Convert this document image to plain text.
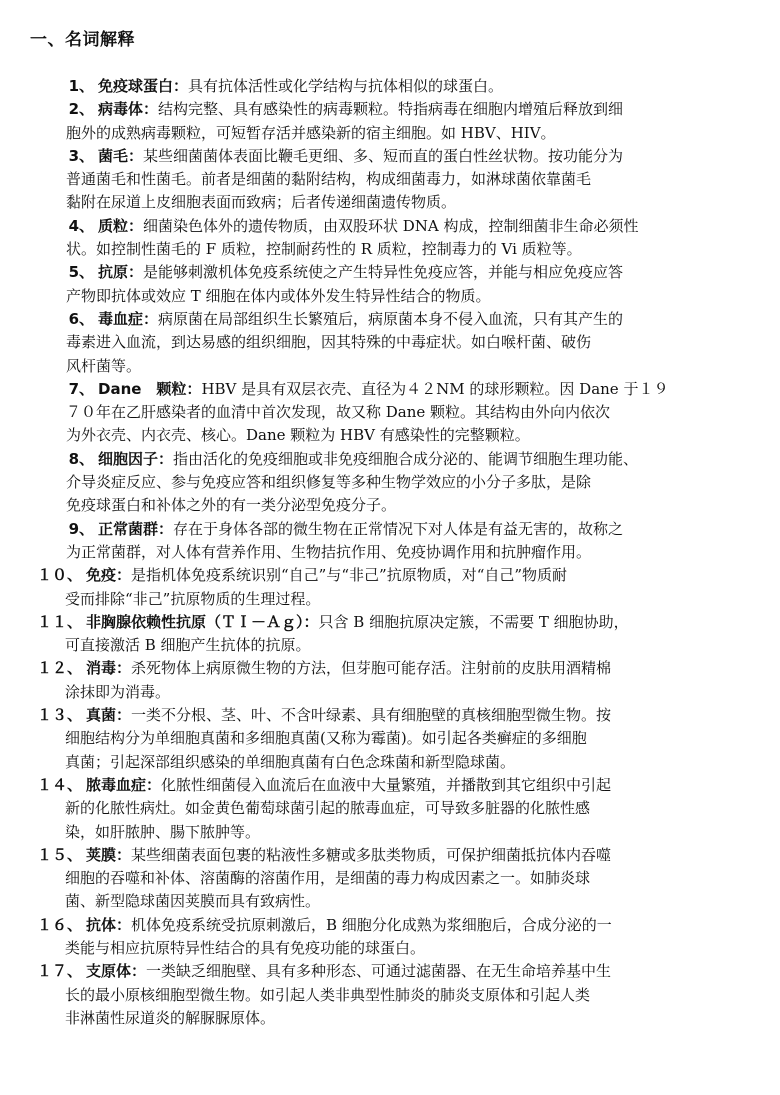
一、名词解释
1、 免疫球蛋白：具有抗体活性或化学结构与抗体相似的球蛋白。
2、 病毒体：结构完整、具有感染性的病毒颗粒。特指病毒在细胞内增殖后释放到细
胞外的成熟病毒颗粒，可短暂存活并感染新的宿主细胞。如 HBV、HIV。
3、 菌毛：某些细菌菌体表面比鞭毛更细、多、短而直的蛋白性丝状物。按功能分为
普通菌毛和性菌毛。前者是细菌的黏附结构，构成细菌毒力，如淋球菌依靠菌毛
黏附在尿道上皮细胞表面而致病；后者传递细菌遗传物质。
4、 质粒：细菌染色体外的遗传物质，由双股环状 DNA 构成，控制细菌非生命必须性
状。如控制性菌毛的 F 质粒，控制耐药性的 R 质粒，控制毒力的 Vi 质粒等。
5、 抗原：是能够刺激机体免疫系统使之产生特异性免疫应答，并能与相应免疫应答
产物即抗体或效应 T 细胞在体内或体外发生特异性结合的物质。
6、 毒血症：病原菌在局部组织生长繁殖后，病原菌本身不侵入血流，只有其产生的
毒素进入血流，到达易感的组织细胞，因其特殊的中毒症状。如白喉杆菌、破伤
风杆菌等。
7、 Dane　颗粒：HBV 是具有双层衣壳、直径为４２NM 的球形颗粒。因 Dane 于１９
７０年在乙肝感染者的血清中首次发现，故又称 Dane 颗粒。其结构由外向内依次
为外衣壳、内衣壳、核心。Dane 颗粒为 HBV 有感染性的完整颗粒。
8、 细胞因子：指由活化的免疫细胞或非免疫细胞合成分泌的、能调节细胞生理功能、
介导炎症反应、参与免疫应答和组织修复等多种生物学效应的小分子多肽，是除
免疫球蛋白和补体之外的有一类分泌型免疫分子。
9、 正常菌群：存在于身体各部的微生物在正常情况下对人体是有益无害的，故称之
为正常菌群，对人体有营养作用、生物拮抗作用、免疫协调作用和抗肿瘤作用。
１０、 免疫：是指机体免疫系统识别“自己”与“非己”抗原物质，对“自己”物质耐
受而排除“非己”抗原物质的生理过程。
１１、 非胸腺依赖性抗原（ＴＩ－Ａｇ）：只含 B 细胞抗原决定簇，不需要 T 细胞协助，
可直接激活 B 细胞产生抗体的抗原。
１２、 消毒：杀死物体上病原微生物的方法，但芽胞可能存活。注射前的皮肤用酒精棉
涂抹即为消毒。
１３、 真菌：一类不分根、茎、叶、不含叶绿素、具有细胞壁的真核细胞型微生物。按
细胞结构分为单细胞真菌和多细胞真菌(又称为霉菌)。如引起各类癣症的多细胞
真菌；引起深部组织感染的单细胞真菌有白色念珠菌和新型隐球菌。
１４、 脓毒血症：化脓性细菌侵入血流后在血液中大量繁殖，并播散到其它组织中引起
新的化脓性病灶。如金黄色葡萄球菌引起的脓毒血症，可导致多脏器的化脓性感
染，如肝脓肿、腸下脓肿等。
１５、 荚膜：某些细菌表面包裹的粘液性多糖或多肽类物质，可保护细菌抵抗体内吞噬
细胞的吞噬和补体、溶菌酶的溶菌作用，是细菌的毒力构成因素之一。如肺炎球
菌、新型隐球菌因荚膜而具有致病性。
１６、 抗体：机体免疫系统受抗原刺激后，B 细胞分化成熟为浆细胞后，合成分泌的一
类能与相应抗原特异性结合的具有免疫功能的球蛋白。
１７、 支原体：一类缺乏细胞壁、具有多种形态、可通过滤菌器、在无生命培养基中生
长的最小原核细胞型微生物。如引起人类非典型性肺炎的肺炎支原体和引起人类
非淋菌性尿道炎的解脲脲原体。
